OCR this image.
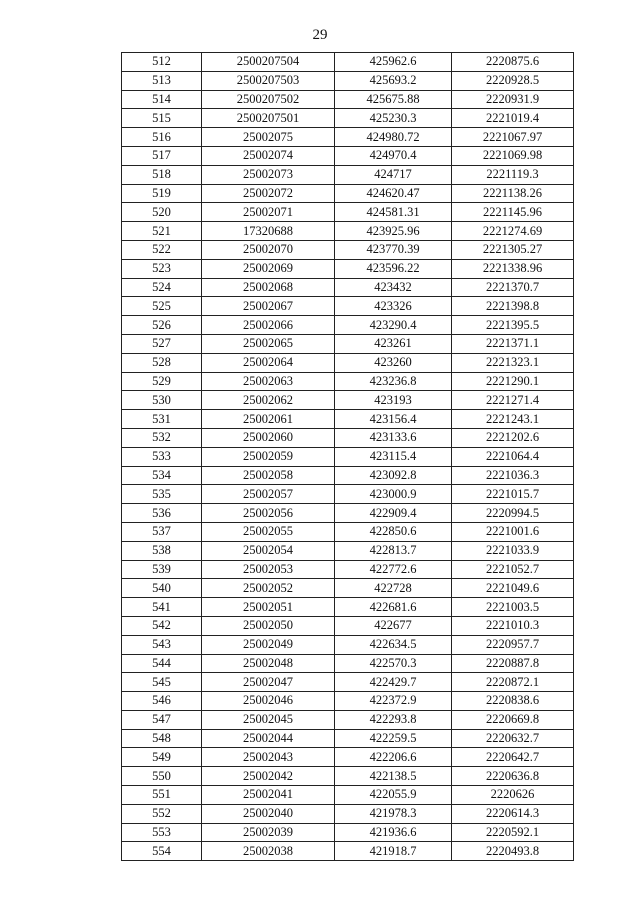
29
512	2500207504	425962.6	2220875.6
513	2500207503	425693.2	2220928.5
514	2500207502	425675.88	2220931.9
515	2500207501	425230.3	2221019.4
516	25002075	424980.72	2221067.97
517	25002074	424970.4	2221069.98
518	25002073	424717	2221119.3
519	25002072	424620.47	2221138.26
520	25002071	424581.31	2221145.96
521	17320688	423925.96	2221274.69
522	25002070	423770.39	2221305.27
523	25002069	423596.22	2221338.96
524	25002068	423432	2221370.7
525	25002067	423326	2221398.8
526	25002066	423290.4	2221395.5
527	25002065	423261	2221371.1
528	25002064	423260	2221323.1
529	25002063	423236.8	2221290.1
530	25002062	423193	2221271.4
531	25002061	423156.4	2221243.1
532	25002060	423133.6	2221202.6
533	25002059	423115.4	2221064.4
534	25002058	423092.8	2221036.3
535	25002057	423000.9	2221015.7
536	25002056	422909.4	2220994.5
537	25002055	422850.6	2221001.6
538	25002054	422813.7	2221033.9
539	25002053	422772.6	2221052.7
540	25002052	422728	2221049.6
541	25002051	422681.6	2221003.5
542	25002050	422677	2221010.3
543	25002049	422634.5	2220957.7
544	25002048	422570.3	2220887.8
545	25002047	422429.7	2220872.1
546	25002046	422372.9	2220838.6
547	25002045	422293.8	2220669.8
548	25002044	422259.5	2220632.7
549	25002043	422206.6	2220642.7
550	25002042	422138.5	2220636.8
551	25002041	422055.9	2220626
552	25002040	421978.3	2220614.3
553	25002039	421936.6	2220592.1
554	25002038	421918.7	2220493.8
